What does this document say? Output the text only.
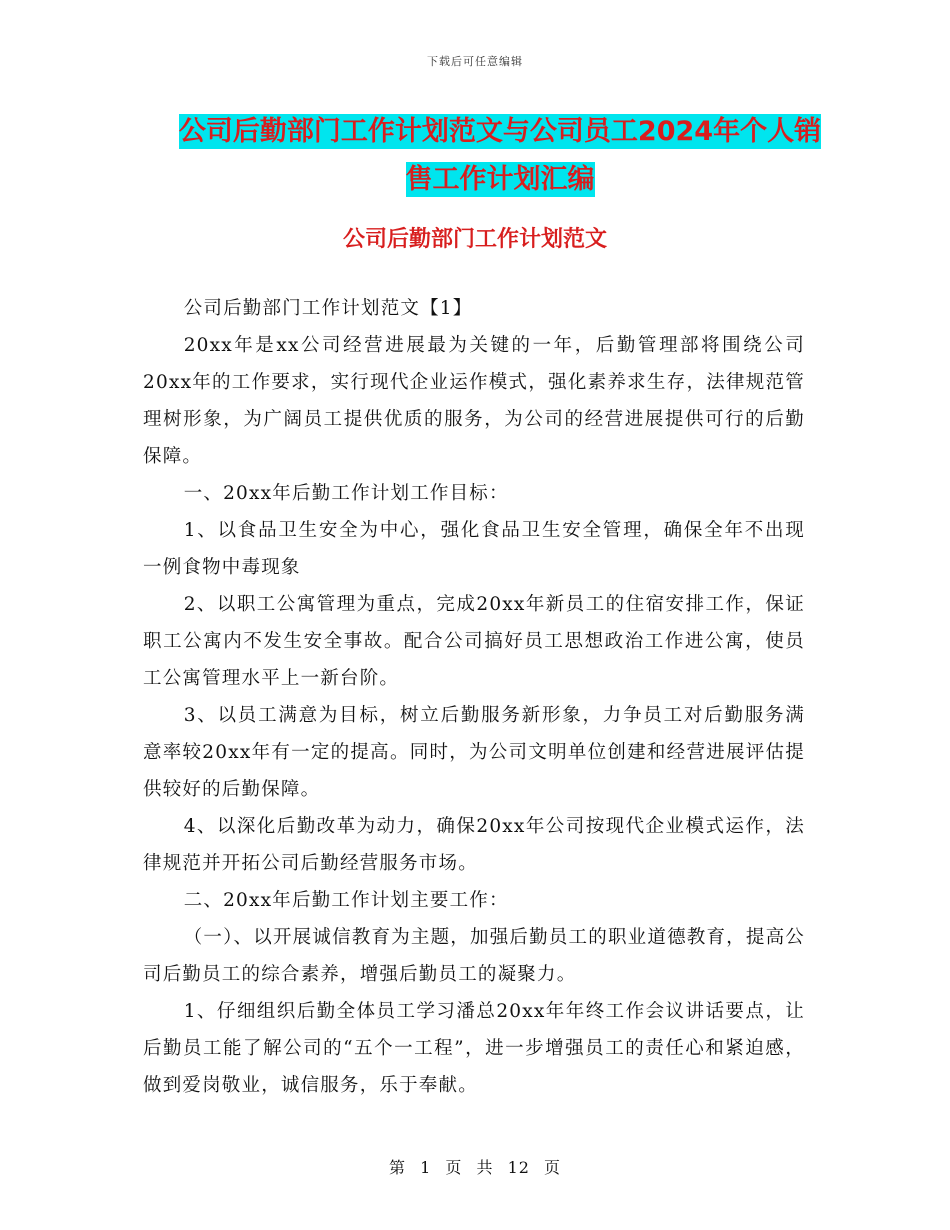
下载后可任意编辑
公司后勤部门工作计划范文与公司员工2024年个人销
售工作计划汇编
公司后勤部门工作计划范文

公司后勤部门工作计划范文【1】

20xx年是xx公司经营进展最为关键的一年，后勤管理部将围绕公司20xx年的工作要求，实行现代企业运作模式，强化素养求生存，法律规范管理树形象，为广阔员工提供优质的服务，为公司的经营进展提供可行的后勤保障。

一、20xx年后勤工作计划工作目标：

1、以食品卫生安全为中心，强化食品卫生安全管理，确保全年不出现一例食物中毒现象

2、以职工公寓管理为重点，完成20xx年新员工的住宿安排工作，保证职工公寓内不发生安全事故。配合公司搞好员工思想政治工作进公寓，使员工公寓管理水平上一新台阶。

3、以员工满意为目标，树立后勤服务新形象，力争员工对后勤服务满意率较20xx年有一定的提高。同时，为公司文明单位创建和经营进展评估提供较好的后勤保障。

4、以深化后勤改革为动力，确保20xx年公司按现代企业模式运作，法律规范并开拓公司后勤经营服务市场。

二、20xx年后勤工作计划主要工作：

（一）、以开展诚信教育为主题，加强后勤员工的职业道德教育，提高公司后勤员工的综合素养，增强后勤员工的凝聚力。

1、仔细组织后勤全体员工学习潘总20xx年年终工作会议讲话要点，让后勤员工能了解公司的“五个一工程”，进一步增强员工的责任心和紧迫感，做到爱岗敬业，诚信服务，乐于奉献。

第 1 页 共 12 页
